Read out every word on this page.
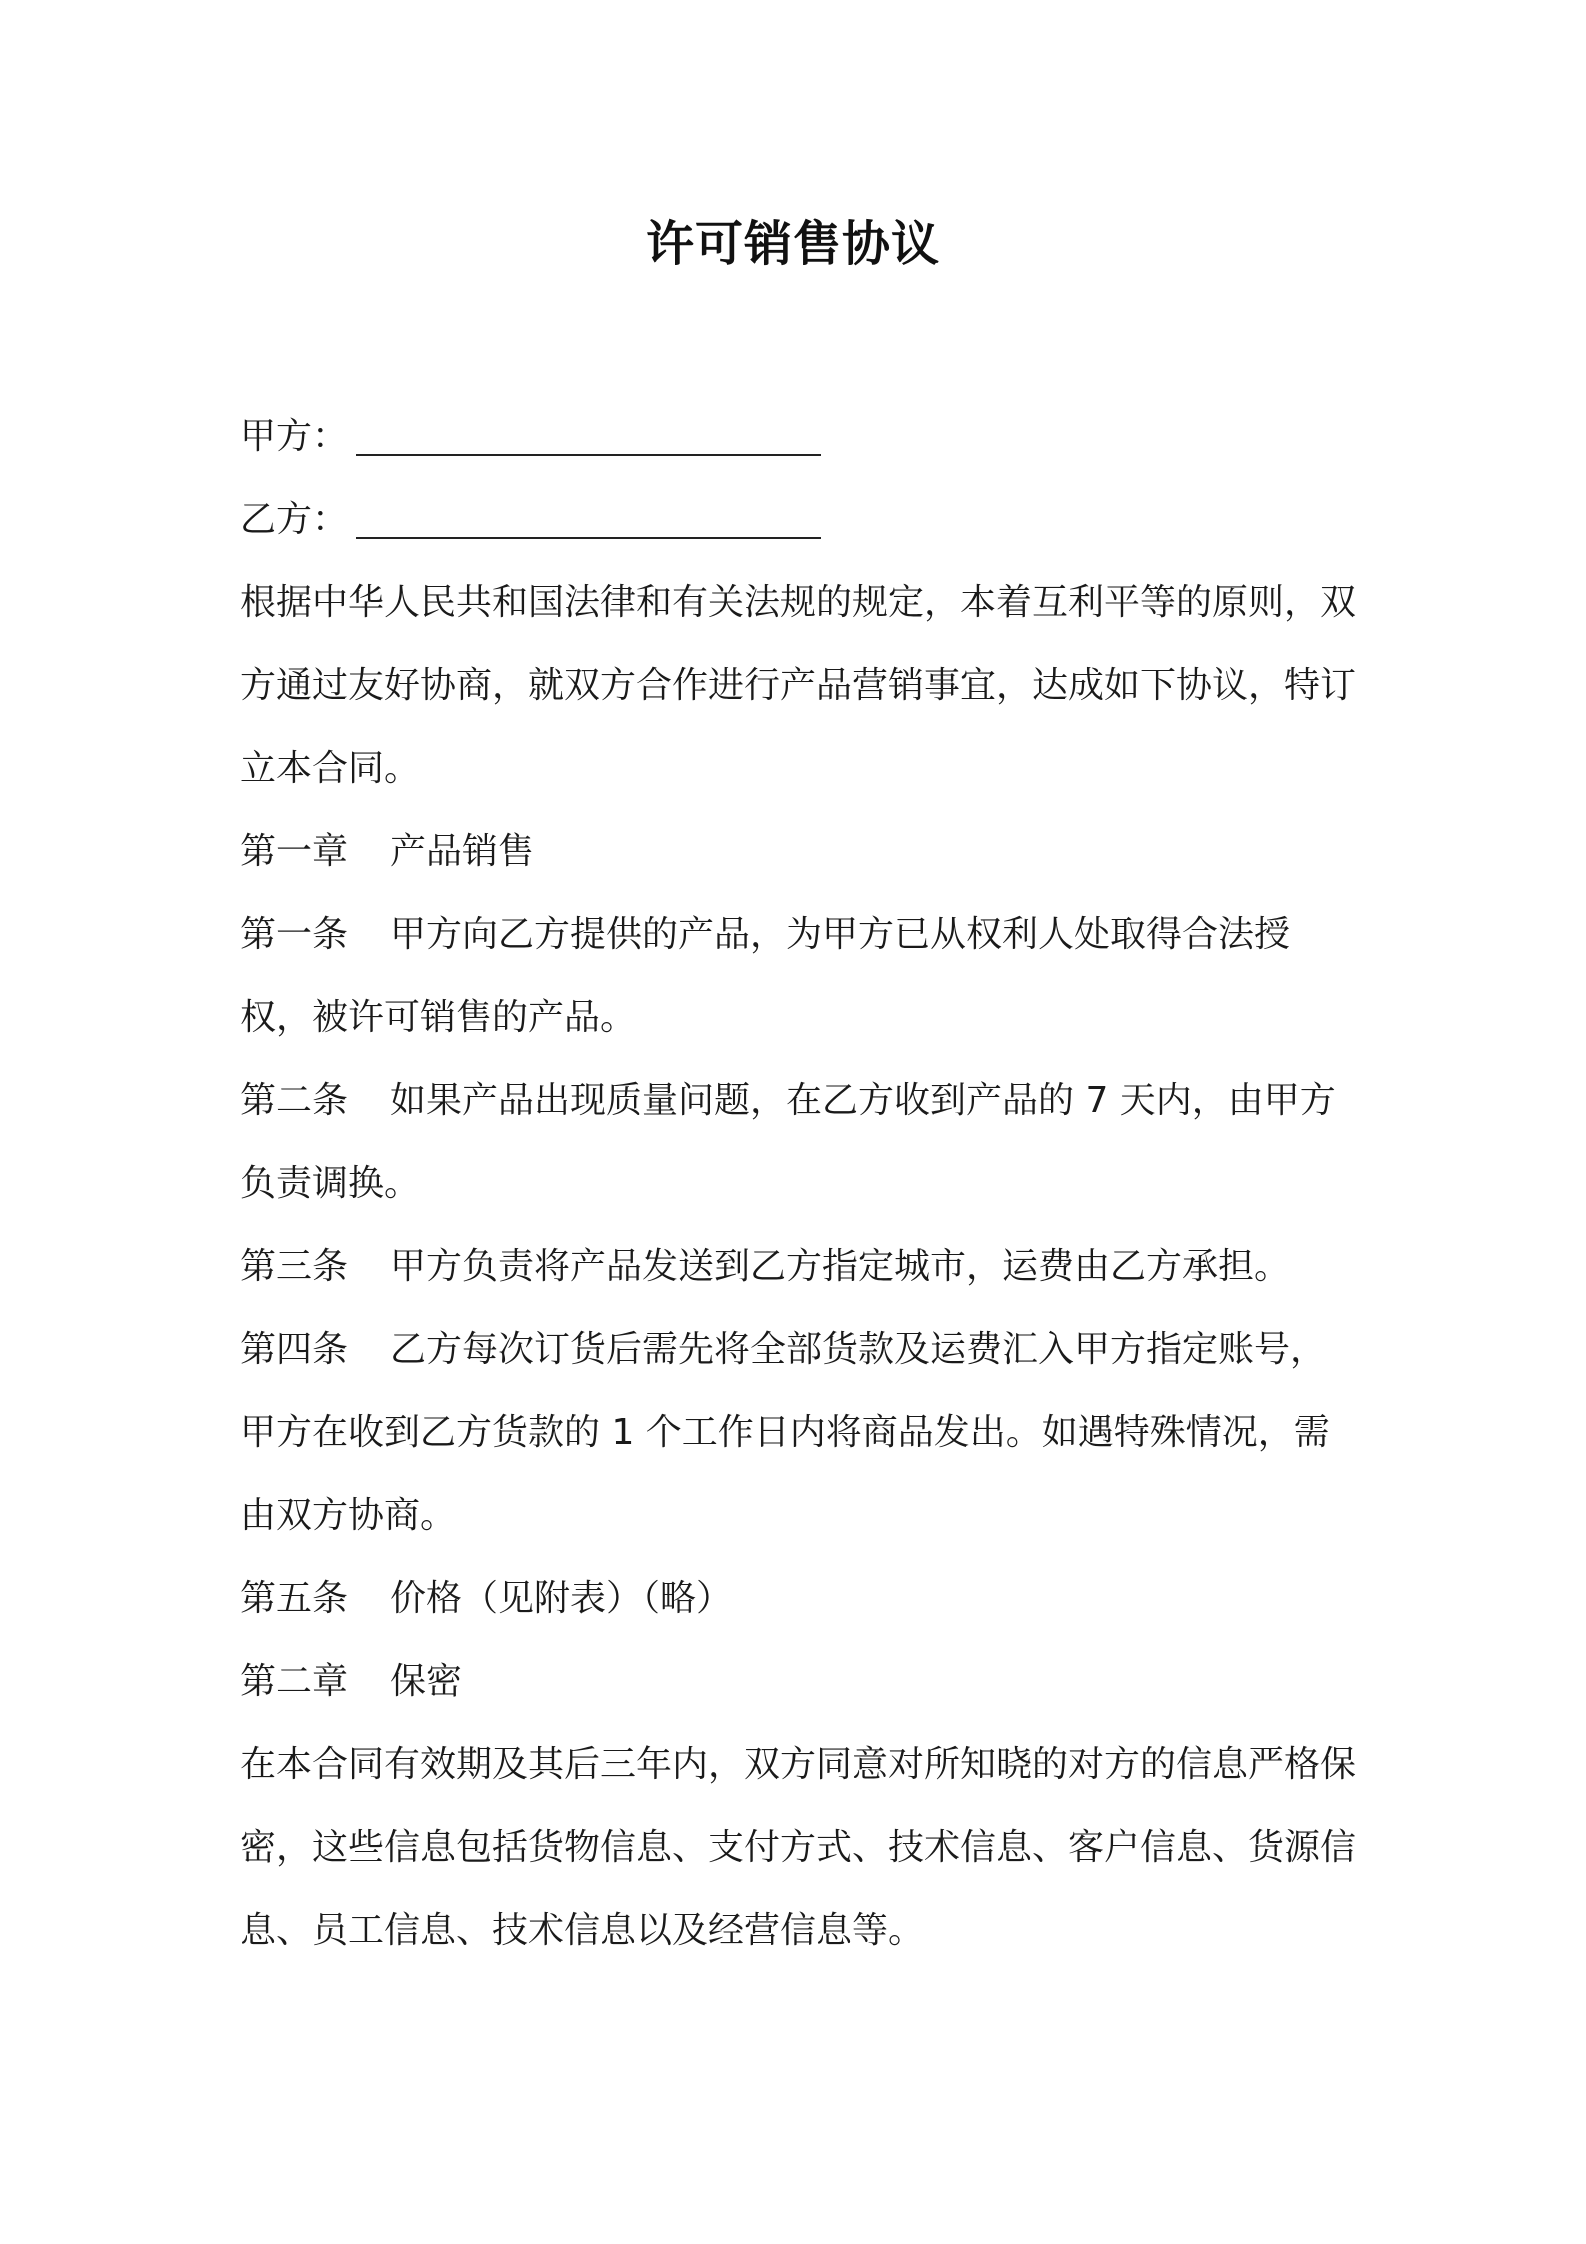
许可销售协议
甲方：
乙方：

根据中华人民共和国法律和有关法规的规定，本着互利平等的原则，双方通过友好协商，就双方合作进行产品营销事宜，达成如下协议，特订立本合同。

第一章	产品销售

第一条 甲方向乙方提供的产品，为甲方已从权利人处取得合法授权，被许可销售的产品。

第二条 如果产品出现质量问题，在乙方收到产品的 7 天内，由甲方负责调换。

第三条 甲方负责将产品发送到乙方指定城市，运费由乙方承担。

第四条 乙方每次订货后需先将全部货款及运费汇入甲方指定账号，甲方在收到乙方货款的 1 个工作日内将商品发出。如遇特殊情况，需由双方协商。

第五条 价格（见附表）（略）

第二章	保密

在本合同有效期及其后三年内，双方同意对所知晓的对方的信息严格保密，这些信息包括货物信息、支付方式、技术信息、客户信息、货源信息、员工信息、技术信息以及经营信息等。
